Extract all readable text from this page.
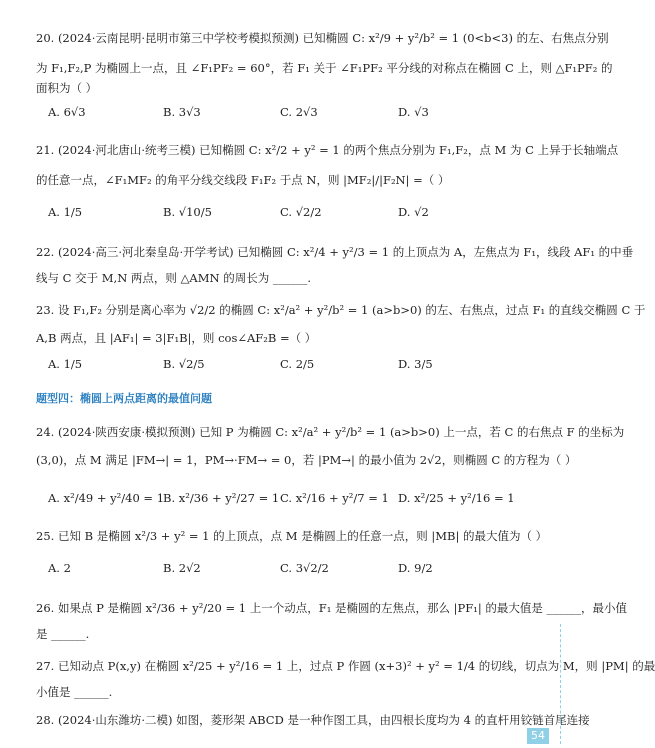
20. (2024·云南昆明·昆明市第三中学校考模拟预测) 已知椭圆 C: x²/9 + y²/b² = 1 (0<b<3) 的左、右焦点分别
为 F₁,F₂,P 为椭圆上一点，且 ∠F₁PF₂ = 60°，若 F₁ 关于 ∠F₁PF₂ 平分线的对称点在椭圆 C 上，则 △F₁PF₂ 的
面积为（ ）
21. (2024·河北唐山·统考三模) 已知椭圆 C: x²/2 + y² = 1 的两个焦点分别为 F₁,F₂，点 M 为 C 上异于长轴端点
的任意一点，∠F₁MF₂ 的角平分线交线段 F₁F₂ 于点 N，则 |MF₂|/|F₂N| =（ ）
22. (2024·高三·河北秦皇岛·开学考试) 已知椭圆 C: x²/4 + y²/3 = 1 的上顶点为 A，左焦点为 F₁，线段 AF₁ 的中垂
线与 C 交于 M,N 两点，则 △AMN 的周长为 ______.
23. 设 F₁,F₂ 分别是离心率为 √2/2 的椭圆 C: x²/a² + y²/b² = 1 (a>b>0) 的左、右焦点，过点 F₁ 的直线交椭圆 C 于
A,B 两点，且 |AF₁| = 3|F₁B|，则 cos∠AF₂B =（ ）
24. (2024·陕西安康·模拟预测) 已知 P 为椭圆 C: x²/a² + y²/b² = 1 (a>b>0) 上一点，若 C 的右焦点 F 的坐标为
(3,0)，点 M 满足 |FM→| = 1，PM→·FM→ = 0，若 |PM→| 的最小值为 2√2，则椭圆 C 的方程为（ ）
25. 已知 B 是椭圆 x²/3 + y² = 1 的上顶点，点 M 是椭圆上的任意一点，则 |MB| 的最大值为（ ）
26. 如果点 P 是椭圆 x²/36 + y²/20 = 1 上一个动点，F₁ 是椭圆的左焦点，那么 |PF₁| 的最大值是 ______，最小值
是 ______.
27. 已知动点 P(x,y) 在椭圆 x²/25 + y²/16 = 1 上，过点 P 作圆 (x+3)² + y² = 1/4 的切线，切点为 M，则 |PM| 的最
小值是 ______.
28. (2024·山东潍坊·二模) 如图，菱形架 ABCD 是一种作图工具，由四根长度均为 4 的直杆用铰链首尾连接
A. 6√3	B. 3√3	C. 2√3	D. √3
A. 1/5	B. √10/5	C. √2/2	D. √2
A. 1/5	B. √2/5	C. 2/5	D. 3/5
A. x²/49 + y²/40 = 1
B. x²/36 + y²/27 = 1 C. x²/16 + y²/7 = 1 D. x²/25 + y²/16 = 1
A. 2	B. 2√2	C. 3√2/2	D. 9/2
题型四：椭圆上两点距离的最值问题
54
